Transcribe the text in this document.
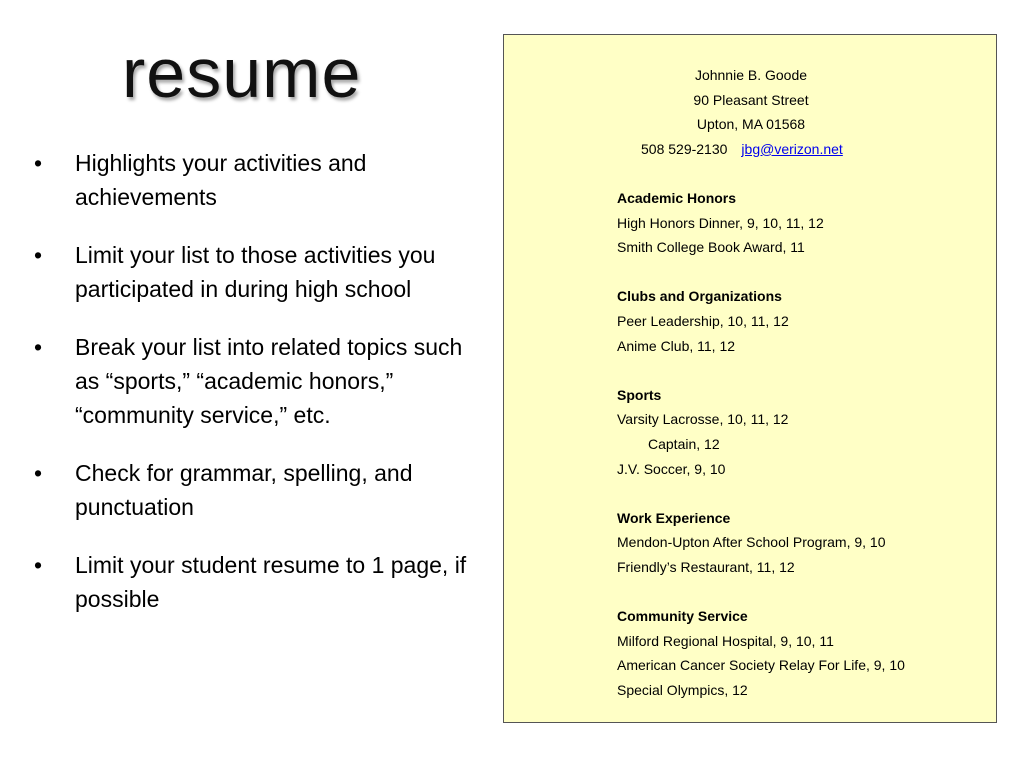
resume
• Highlights your activities and achievements
• Limit your list to those activities you participated in during high school
• Break your list into related topics such as “sports,” “academic honors,” “community service,” etc.
• Check for grammar, spelling, and punctuation
• Limit your student resume to 1 page, if possible
Johnnie B. Goode
90 Pleasant Street
Upton, MA 01568
508 529-2130 jbg@verizon.net
Academic Honors
High Honors Dinner, 9, 10, 11, 12
Smith College Book Award, 11
Clubs and Organizations
Peer Leadership, 10, 11, 12
Anime Club, 11, 12
Sports
Varsity Lacrosse, 10, 11, 12
Captain, 12
J.V. Soccer, 9, 10
Work Experience
Mendon-Upton After School Program, 9, 10
Friendly’s Restaurant, 11, 12
Community Service
Milford Regional Hospital, 9, 10, 11
American Cancer Society Relay For Life, 9, 10
Special Olympics, 12
